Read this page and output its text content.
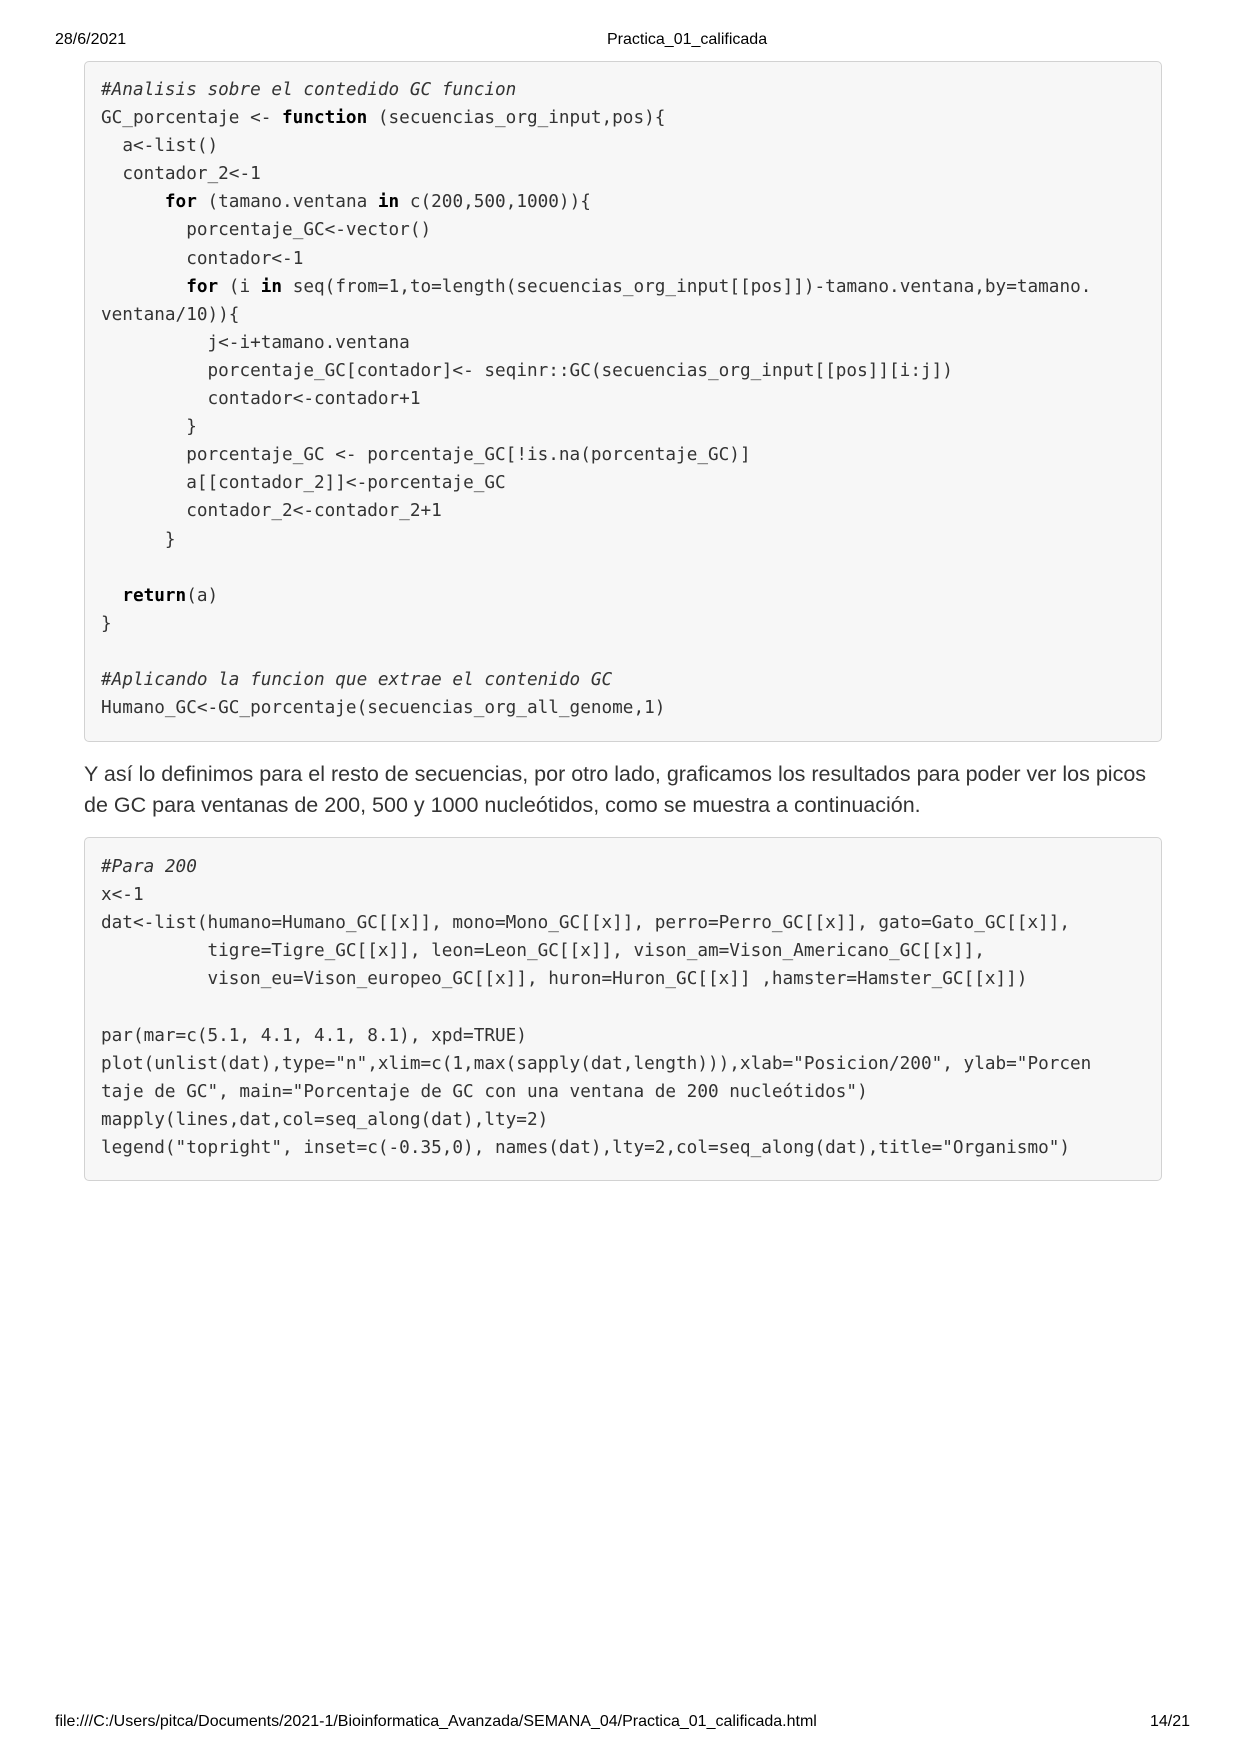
28/6/2021	Practica_01_calificada
#Analisis sobre el contedido GC funcion
GC_porcentaje <- function (secuencias_org_input,pos){
a<-list()
contador_2<-1
for (tamano.ventana in c(200,500,1000)){
porcentaje_GC<-vector()
contador<-1
for (i in seq(from=1,to=length(secuencias_org_input[[pos]])-tamano.ventana,by=tamano.
ventana/10)){
j<-i+tamano.ventana
porcentaje_GC[contador]<- seqinr::GC(secuencias_org_input[[pos]][i:j])
contador<-contador+1
}
porcentaje_GC <- porcentaje_GC[!is.na(porcentaje_GC)]
a[[contador_2]]<-porcentaje_GC
contador_2<-contador_2+1
}

return(a)
}

#Aplicando la funcion que extrae el contenido GC
Humano_GC<-GC_porcentaje(secuencias_org_all_genome,1)

Y así lo definimos para el resto de secuencias, por otro lado, graficamos los resultados para poder ver los picos de GC para ventanas de 200, 500 y 1000 nucleótidos, como se muestra a continuación.

#Para 200
x<-1
dat<-list(humano=Humano_GC[[x]], mono=Mono_GC[[x]], perro=Perro_GC[[x]], gato=Gato_GC[[x]],
tigre=Tigre_GC[[x]], leon=Leon_GC[[x]], vison_am=Vison_Americano_GC[[x]],
vison_eu=Vison_europeo_GC[[x]], huron=Huron_GC[[x]] ,hamster=Hamster_GC[[x]])

par(mar=c(5.1, 4.1, 4.1, 8.1), xpd=TRUE)
plot(unlist(dat),type="n",xlim=c(1,max(sapply(dat,length))),xlab="Posicion/200", ylab="Porcen
taje de GC", main="Porcentaje de GC con una ventana de 200 nucleótidos")
mapply(lines,dat,col=seq_along(dat),lty=2)
legend("topright", inset=c(-0.35,0), names(dat),lty=2,col=seq_along(dat),title="Organismo")
file:///C:/Users/pitca/Documents/2021-1/Bioinformatica_Avanzada/SEMANA_04/Practica_01_calificada.html	14/21
